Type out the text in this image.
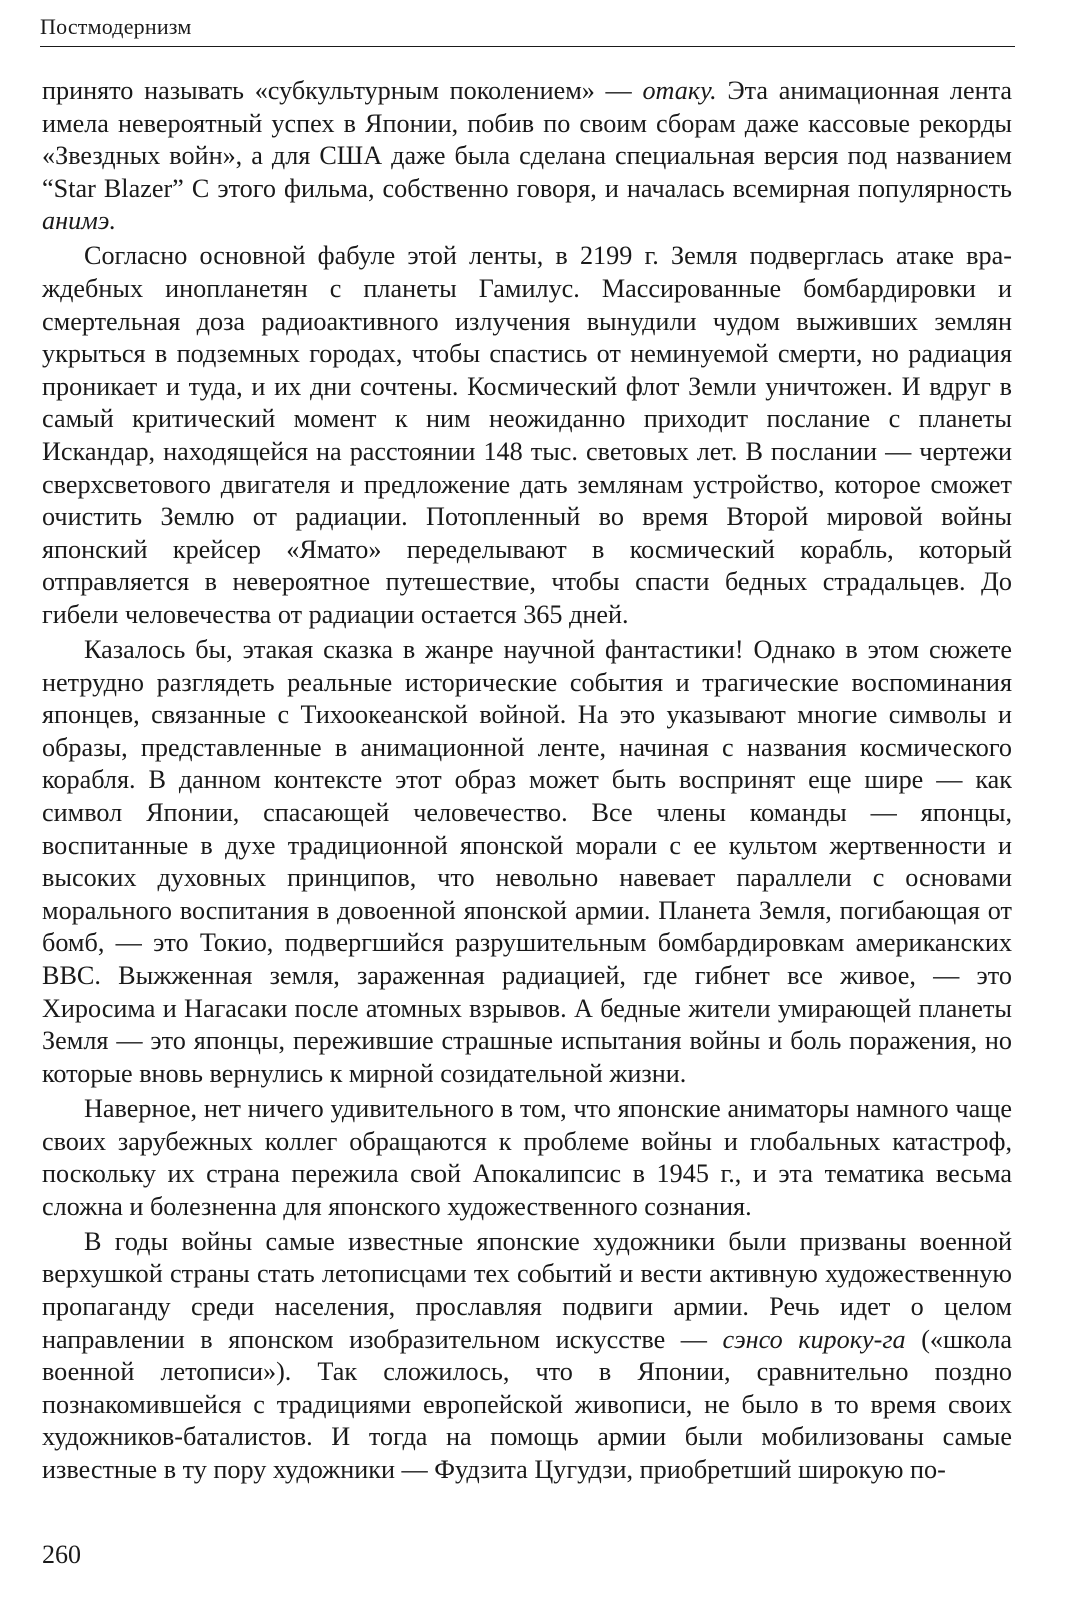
Постмодернизм

принято называть «субкультурным поколением» — отаку. Эта анимационная лента имела невероятный успех в Японии, побив по своим сборам даже кассовые рекорды «Звездных войн», а для США даже была сделана специальная версия под названием “Star Blazer” С этого фильма, собственно говоря, и началась всемирная популярность анимэ.

Согласно основной фабуле этой ленты, в 2199 г. Земля подверглась атаке враждебных инопланетян с планеты Гамилус. Массированные бомбардировки и смертельная доза радиоактивного излучения вынудили чудом выживших землян укрыться в подземных городах, чтобы спастись от неминуемой смерти, но радиация проникает и туда, и их дни сочтены. Космический флот Земли уничтожен. И вдруг в самый критический момент к ним неожиданно приходит послание с планеты Искандар, находящейся на расстоянии 148 тыс. световых лет. В послании — чертежи сверхсветового двигателя и предложение дать землянам устройство, которое сможет очистить Землю от радиации. Потопленный во время Второй мировой войны японский крейсер «Ямато» переделывают в космический корабль, который отправляется в невероятное путешествие, чтобы спасти бедных страдальцев. До гибели человечества от радиации остается 365 дней.

Казалось бы, этакая сказка в жанре научной фантастики! Однако в этом сюжете нетрудно разглядеть реальные исторические события и трагические воспоминания японцев, связанные с Тихоокеанской войной. На это указывают многие символы и образы, представленные в анимационной ленте, начиная с названия космического корабля. В данном контексте этот образ может быть воспринят еще шире — как символ Японии, спасающей человечество. Все члены команды — японцы, воспитанные в духе традиционной японской морали с ее культом жертвенности и высоких духовных принципов, что невольно навевает параллели с основами морального воспитания в довоенной японской армии. Планета Земля, погибающая от бомб, — это Токио, подвергшийся разрушительным бомбардировкам американских ВВС. Выжженная земля, зараженная радиацией, где гибнет все живое, — это Хиросима и Нагасаки после атомных взрывов. А бедные жители умирающей планеты Земля — это японцы, пережившие страшные испытания войны и боль поражения, но которые вновь вернулись к мирной созидательной жизни.

Наверное, нет ничего удивительного в том, что японские аниматоры намного чаще своих зарубежных коллег обращаются к проблеме войны и глобальных катастроф, поскольку их страна пережила свой Апокалипсис в 1945 г., и эта тематика весьма сложна и болезненна для японского художественного сознания.

В годы войны самые известные японские художники были призваны военной верхушкой страны стать летописцами тех событий и вести активную художественную пропаганду среди населения, прославляя подвиги армии. Речь идет о целом направлении в японском изобразительном искусстве — сэнсо кироку-га («школа военной летописи»). Так сложилось, что в Японии, сравнительно поздно познакомившейся с традициями европейской живописи, не было в то время своих художников-баталистов. И тогда на помощь армии были мобилизованы самые известные в ту пору художники — Фудзита Цугудзи, приобретший широкую по-

260
